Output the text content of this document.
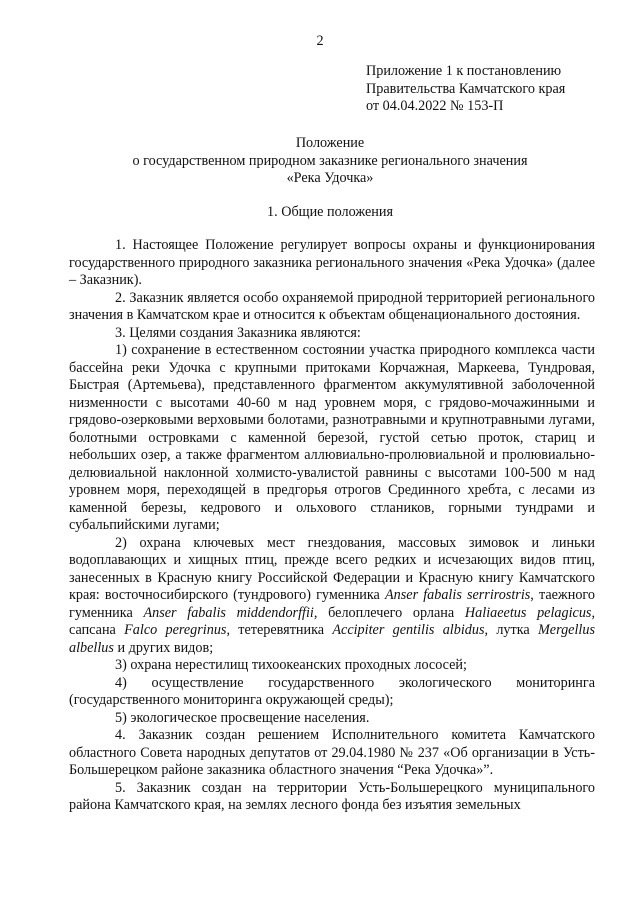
2
Приложение 1 к постановлению
Правительства Камчатского края
от 04.04.2022 № 153-П
Положение
о государственном природном заказнике регионального значения
«Река Удочка»
1. Общие положения

1. Настоящее Положение регулирует вопросы охраны и функционирования государственного природного заказника регионального значения «Река Удочка» (далее – Заказник).

2. Заказник является особо охраняемой природной территорией регионального значения в Камчатском крае и относится к объектам общенационального достояния.

3. Целями создания Заказника являются:

1) сохранение в естественном состоянии участка природного комплекса части бассейна реки Удочка с крупными притоками Корчажная, Маркеева, Тундровая, Быстрая (Артемьева), представленного фрагментом аккумулятивной заболоченной низменности с высотами 40-60 м над уровнем моря, с грядово-мочажинными и грядово-озерковыми верховыми болотами, разнотравными и крупнотравными лугами, болотными островками с каменной березой, густой сетью проток, стариц и небольших озер, а также фрагментом аллювиально-пролювиальной и пролювиально-делювиальной наклонной холмисто-увалистой равнины с высотами 100-500 м над уровнем моря, переходящей в предгорья отрогов Срединного хребта, с лесами из каменной березы, кедрового и ольхового стлаников, горными тундрами и субальпийскими лугами;
2) охрана ключевых мест гнездования, массовых зимовок и линьки водоплавающих и хищных птиц, прежде всего редких и исчезающих видов птиц, занесенных в Красную книгу Российской Федерации и Красную книгу Камчатского края: восточносибирского (тундрового) гуменника Anser fabalis serrirostris, таежного гуменника Anser fabalis middendorffii, белоплечего орлана Haliaeetus pelagicus, сапсана Falco peregrinus, тетеревятника Accipiter gentilis albidus, лутка Mergellus albellus и других видов;
3) охрана нерестилищ тихоокеанских проходных лососей;
4) осуществление государственного экологического мониторинга (государственного мониторинга окружающей среды);
5) экологическое просвещение населения.

4. Заказник создан решением Исполнительного комитета Камчатского областного Совета народных депутатов от 29.04.1980 № 237 «Об организации в Усть-Большерецком районе заказника областного значения “Река Удочка»”.

5. Заказник создан на территории Усть-Большерецкого муниципального района Камчатского края, на землях лесного фонда без изъятия земельных
